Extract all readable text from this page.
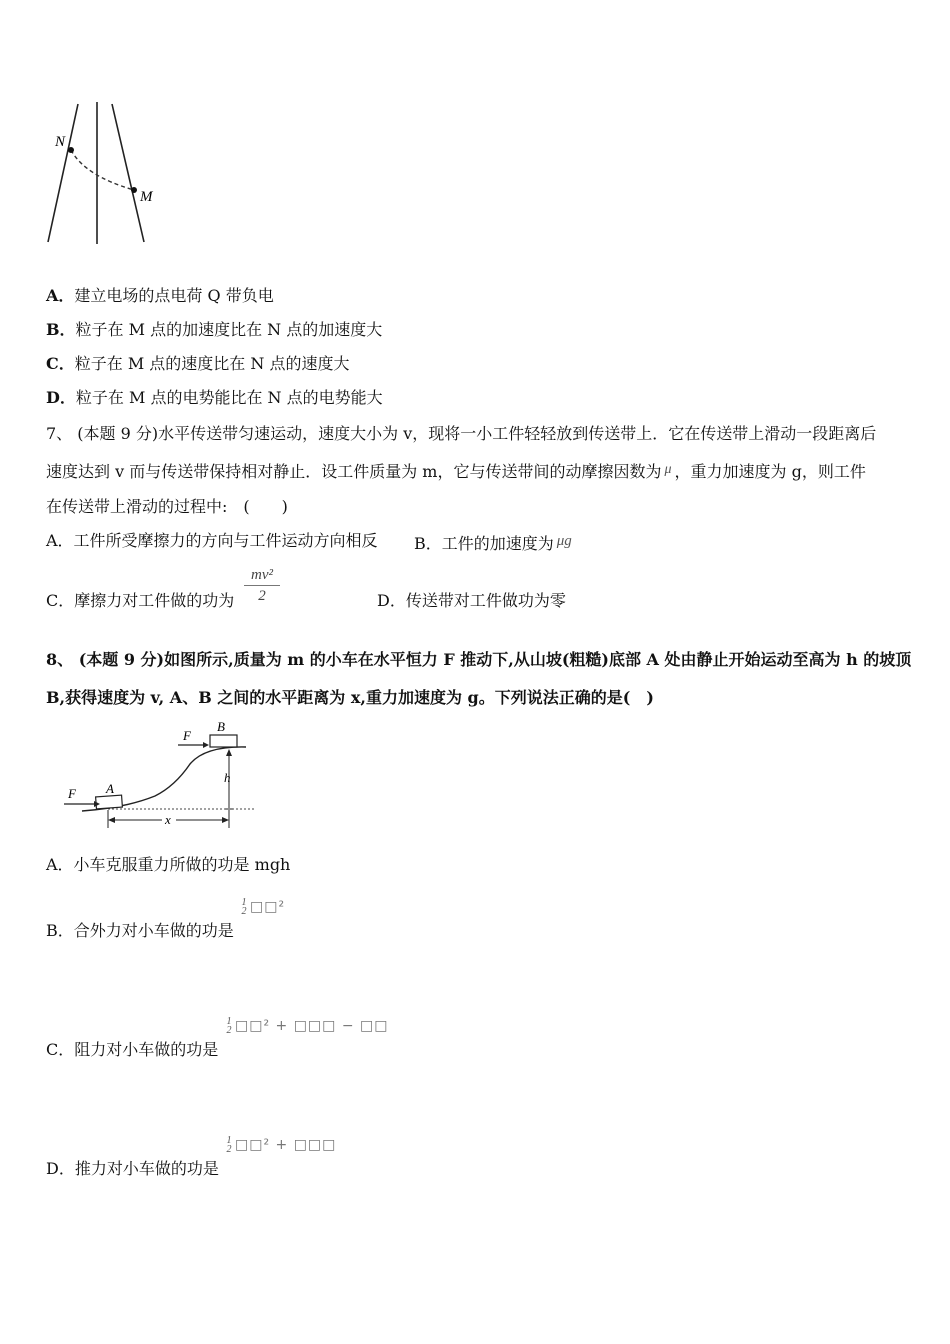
N
M
A．建立电场的点电荷 Q 带负电
B．粒子在 M 点的加速度比在 N 点的加速度大
C．粒子在 M 点的速度比在 N 点的速度大
D．粒子在 M 点的电势能比在 N 点的电势能大
7、 (本题 9 分)水平传送带匀速运动，速度大小为 v，现将一小工件轻轻放到传送带上．它在传送带上滑动一段距离后
速度达到 v 而与传送带保持相对静止．设工件质量为 m，它与传送带间的动摩擦因数为 μ ，重力加速度为 g，则工件
在传送带上滑动的过程中:　(　　)
A．工件所受摩擦力的方向与工件运动方向相反 B．工件的加速度为 μg
C．摩擦力对工件做的功为
mv²
2	D．传送带对工件做功为零
8、 (本题 9 分)如图所示,质量为 m 的小车在水平恒力 F 推动下,从山坡(粗糙)底部 A 处由静止开始运动至高为 h 的坡顶
B,获得速度为 v, A、B 之间的水平距离为 x,重力加速度为 g。下列说法正确的是(　)
A
B
F
F
h
x
A．小车克服重力所做的功是 mgh
B．合外力对小车做的功是
1
2 □□²
C．阻力对小车做的功是
1
2 □□² + □□□ − □□
D．推力对小车做的功是
1
2 □□² + □□□
